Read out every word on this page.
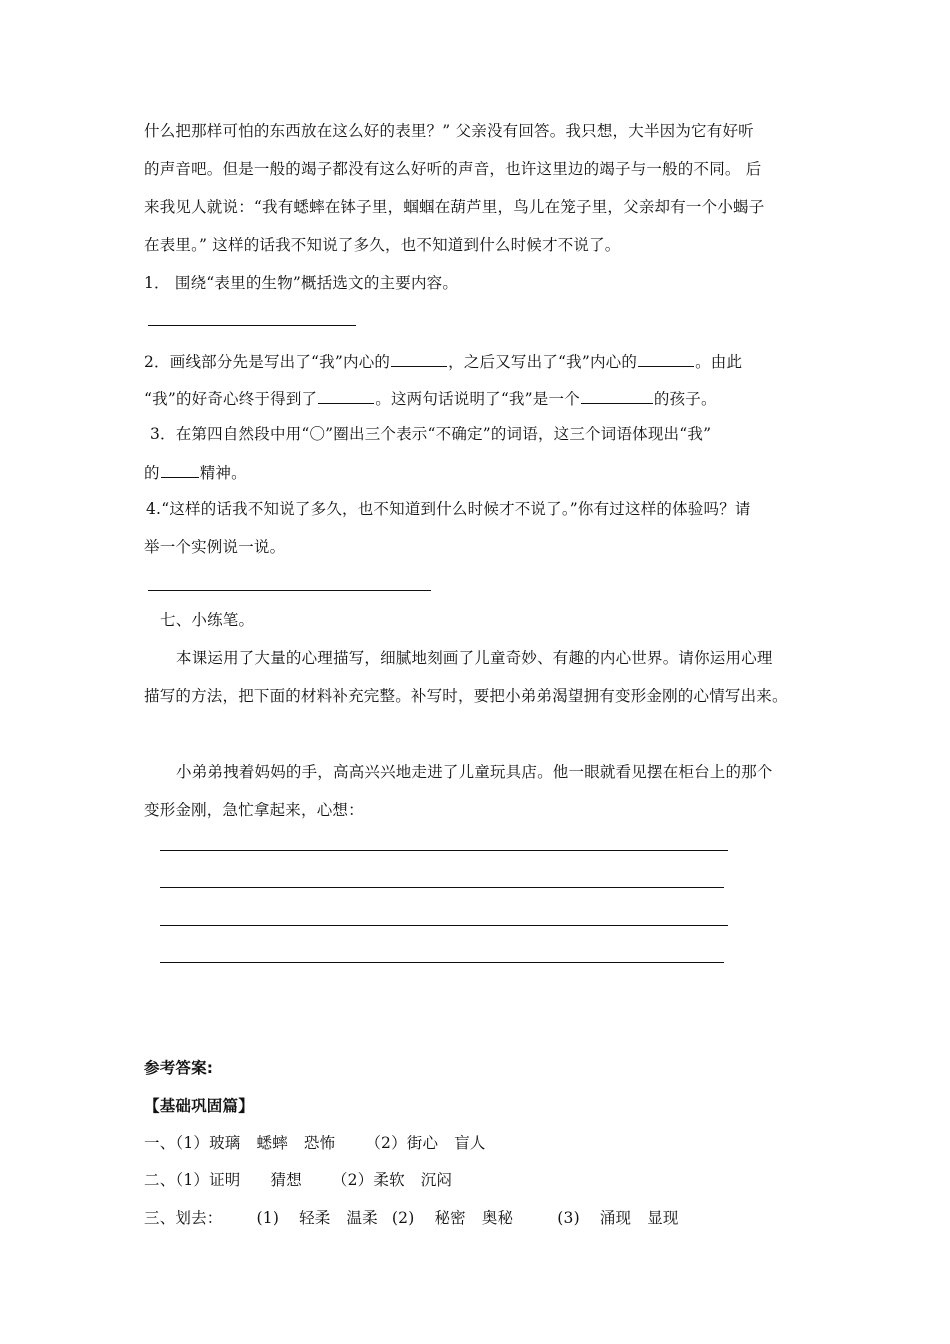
什么把那样可怕的东西放在这么好的表里？” 父亲没有回答。我只想，大半因为它有好听
的声音吧。但是一般的竭子都没有这么好听的声音，也许这里边的竭子与一般的不同。 后
来我见人就说：“我有蟋蟀在钵子里，蝈蝈在葫芦里，鸟儿在笼子里，父亲却有一个小蝎子
在表里。” 这样的话我不知说了多久，也不知道到什么时候才不说了。
1． 围绕“表里的生物”概括选文的主要内容。
2．画线部分先是写出了“我”内心的	，之后又写出了“我”内心的	。由此
“我”的好奇心终于得到了	。这两句话说明了“我”是一个	的孩子。
3．在第四自然段中用“〇”圈出三个表示“不确定”的词语，这三个词语体现出“我”
的	精神。
4.“这样的话我不知说了多久，也不知道到什么时候才不说了。”你有过这样的体验吗？请
举一个实例说一说。
七、小练笔。
本课运用了大量的心理描写，细腻地刻画了儿童奇妙、有趣的内心世界。请你运用心理
描写的方法，把下面的材料补充完整。补写时，要把小弟弟渴望拥有变形金刚的心情写出来。
小弟弟拽着妈妈的手，高高兴兴地走进了儿童玩具店。他一眼就看见摆在柜台上的那个
变形金刚，急忙拿起来，心想：
参考答案:
【基础巩固篇】
一、（1）玻璃 蟋蟀 恐怖 （2）街心 盲人
二、（1）证明 猜想 （2）柔软 沉闷
三、划去： (1) 轻柔 温柔 (2) 秘密 奥秘	(3) 涌现 显现
